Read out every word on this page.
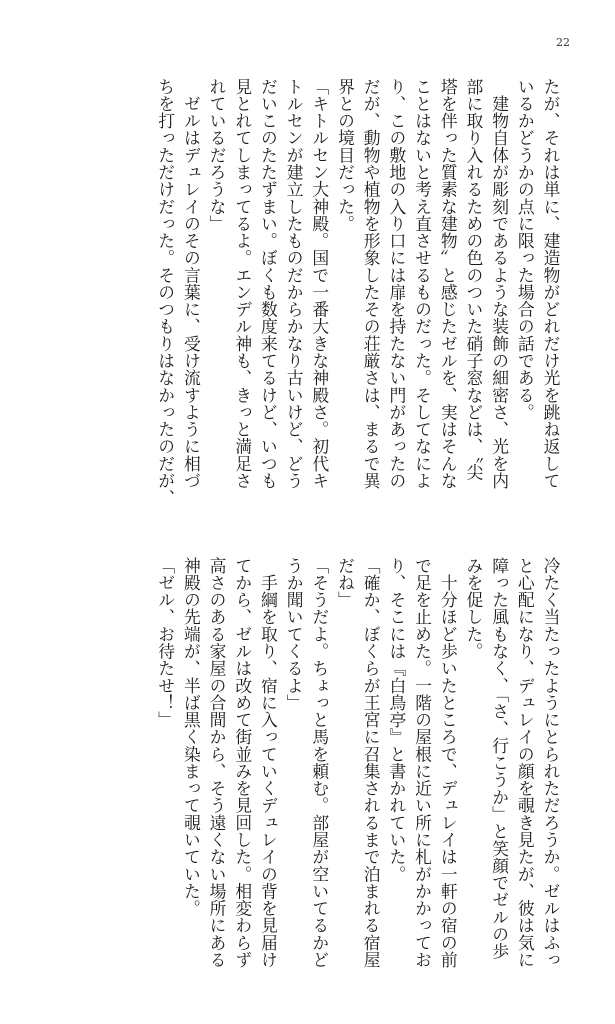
22
たが、それは単に、建造物がどれだけ光を跳ね返して
いるかどうかの点に限った場合の話である。
　建物自体が彫刻であるような装飾の細密さ、光を内
部に取り入れるための色のついた硝子窓などは、〝尖
塔を伴った質素な建物〟と感じたゼルを、実はそんな
ことはないと考え直させるものだった。そしてなによ
り、この敷地の入り口には扉を持たない門があったの
だが、動物や植物を形象したその荘厳さは、まるで異
界との境目だった。
「キトルセン大神殿。国で一番大きな神殿さ。初代キ
トルセンが建立したものだからかなり古いけど、どう
だいこのたたずまい。ぼくも数度来てるけど、いつも
見とれてしまってるよ。エンデル神も、きっと満足さ
れているだろうな」
　ゼルはデュレイのその言葉に、受け流すように相づ
ちを打っただけだった。そのつもりはなかったのだが、
冷たく当たったようにとられただろうか。ゼルはふっ
と心配になり、デュレイの顔を覗き見たが、彼は気に
障った風もなく、「さ、行こうか」と笑顔でゼルの歩
みを促した。
　十分ほど歩いたところで、デュレイは一軒の宿の前
で足を止めた。一階の屋根に近い所に札がかかってお
り、そこには『白鳥亭』と書かれていた。
「確か、ぼくらが王宮に召集されるまで泊まれる宿屋
だね」
「そうだよ。ちょっと馬を頼む。部屋が空いてるかど
うか聞いてくるよ」
　手綱を取り、宿に入っていくデュレイの背を見届け
てから、ゼルは改めて街並みを見回した。相変わらず
高さのある家屋の合間から、そう遠くない場所にある
神殿の先端が、半ば黒く染まって覗いていた。
「ゼル、お待たせ！」
